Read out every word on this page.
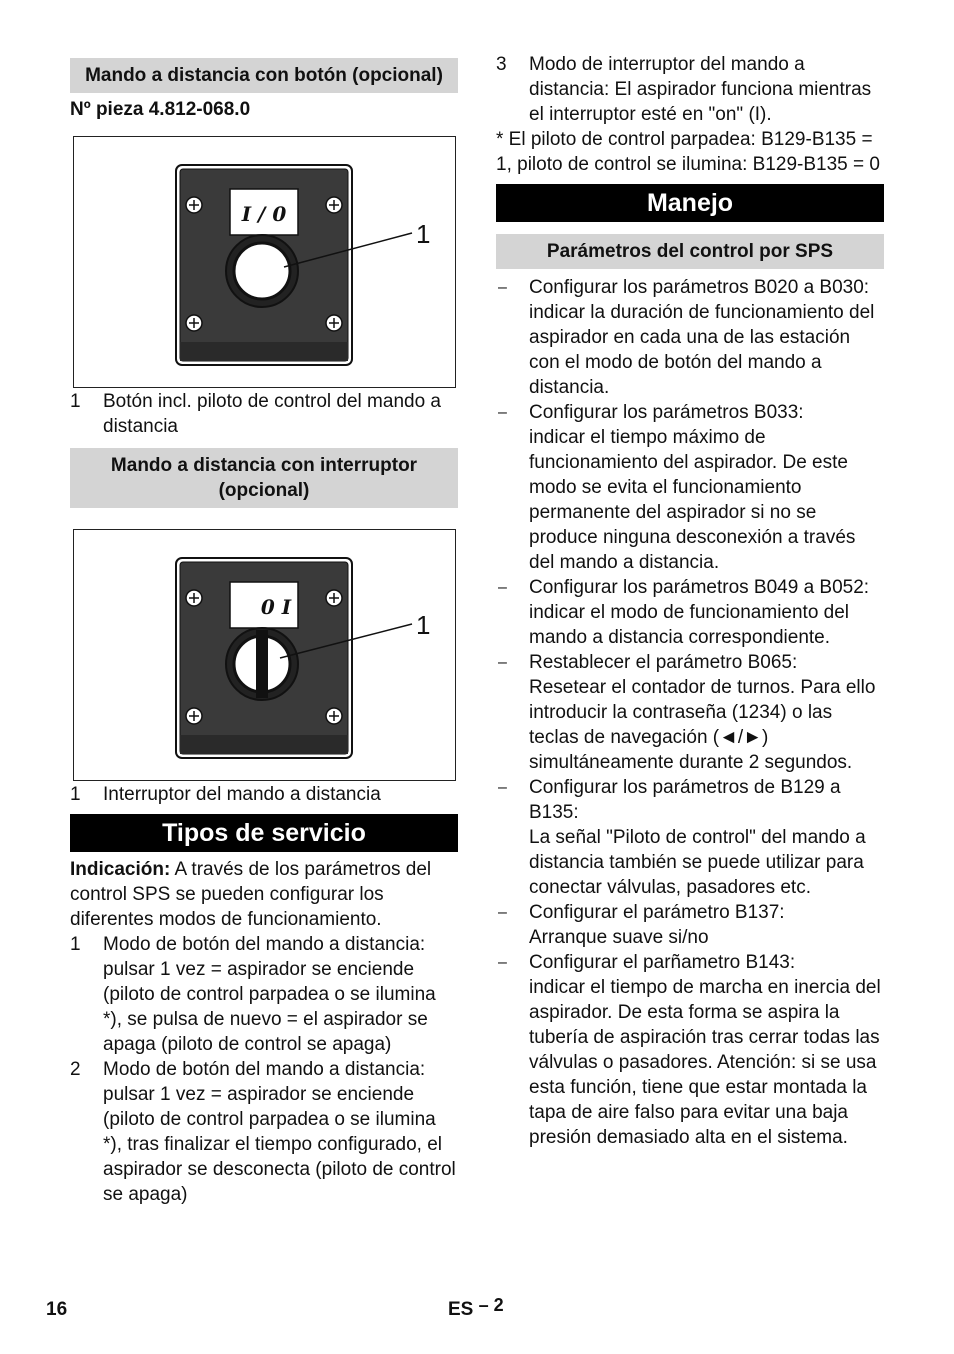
Mando a distancia con botón (opcional)

Nº pieza 4.812-068.0

I / 0
1
1 Botón incl. piloto de control del mando a distancia
Mando a distancia con interruptor (opcional)
0 I
1
1 Interruptor del mando a distancia
Tipos de servicio

Indicación: A través de los parámetros del control SPS se pueden configurar los diferentes modos de funcionamiento.

1 Modo de botón del mando a distancia: pulsar 1 vez = aspirador se enciende (piloto de control parpadea o se ilumina *), se pulsa de nuevo = el aspirador se apaga (piloto de control se apaga)
2 Modo de botón del mando a distancia: pulsar 1 vez = aspirador se enciende (piloto de control parpadea o se ilumina *), tras finalizar el tiempo configurado, el aspirador se desconecta (piloto de control se apaga)
3 Modo de interruptor del mando a distancia: El aspirador funciona mientras el interruptor esté en "on" (I).

* El piloto de control parpadea: B129-B135 = 1, piloto de control se ilumina: B129-B135 = 0

Manejo
Parámetros del control por SPS
– Configurar los parámetros B020 a B030:

indicar la duración de funcionamiento del aspirador en cada una de las estación con el modo de botón del mando a distancia.

– Configurar los parámetros B033:

indicar el tiempo máximo de funcionamiento del aspirador. De este modo se evita el funcionamiento permanente del aspirador si no se produce ninguna desconexión a través del mando a distancia.

– Configurar los parámetros B049 a B052:

indicar el modo de funcionamiento del mando a distancia correspondiente.

– Restablecer el parámetro B065:

Resetear el contador de turnos. Para ello introducir la contraseña (1234) o las teclas de navegación (◄/►) simultáneamente durante 2 segundos.

– Configurar los parámetros de B129 a B135:

La señal "Piloto de control" del mando a distancia también se puede utilizar para conectar válvulas, pasadores etc.

– Configurar el parámetro B137:

Arranque suave si/no

– Configurar el parñametro B143:

indicar el tiempo de marcha en inercia del aspirador. De esta forma se aspira la tubería de aspiración tras cerrar todas las válvulas o pasadores. Atención: si se usa esta función, tiene que estar montada la tapa de aire falso para evitar una baja presión demasiado alta en el sistema.

16	ES – 2
